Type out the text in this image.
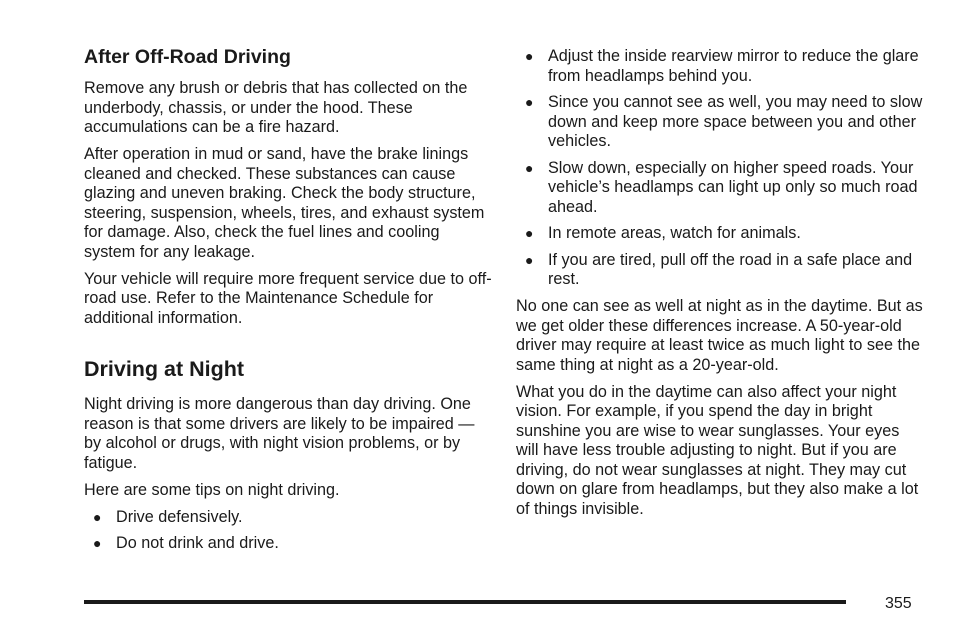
After Off-Road Driving

Remove any brush or debris that has collected on the underbody, chassis, or under the hood. These accumulations can be a fire hazard.

After operation in mud or sand, have the brake linings cleaned and checked. These substances can cause glazing and uneven braking. Check the body structure, steering, suspension, wheels, tires, and exhaust system for damage. Also, check the fuel lines and cooling system for any leakage.

Your vehicle will require more frequent service due to off-road use. Refer to the Maintenance Schedule for additional information.

Driving at Night

Night driving is more dangerous than day driving. One reason is that some drivers are likely to be impaired — by alcohol or drugs, with night vision problems, or by fatigue.

Here are some tips on night driving.

● Drive defensively.
● Do not drink and drive.
● Adjust the inside rearview mirror to reduce the glare from headlamps behind you.
● Since you cannot see as well, you may need to slow down and keep more space between you and other vehicles.
● Slow down, especially on higher speed roads. Your vehicle’s headlamps can light up only so much road ahead.
● In remote areas, watch for animals.
● If you are tired, pull off the road in a safe place and rest.

No one can see as well at night as in the daytime. But as we get older these differences increase. A 50-year-old driver may require at least twice as much light to see the same thing at night as a 20-year-old.

What you do in the daytime can also affect your night vision. For example, if you spend the day in bright sunshine you are wise to wear sunglasses. Your eyes will have less trouble adjusting to night. But if you are driving, do not wear sunglasses at night. They may cut down on glare from headlamps, but they also make a lot of things invisible.

355
